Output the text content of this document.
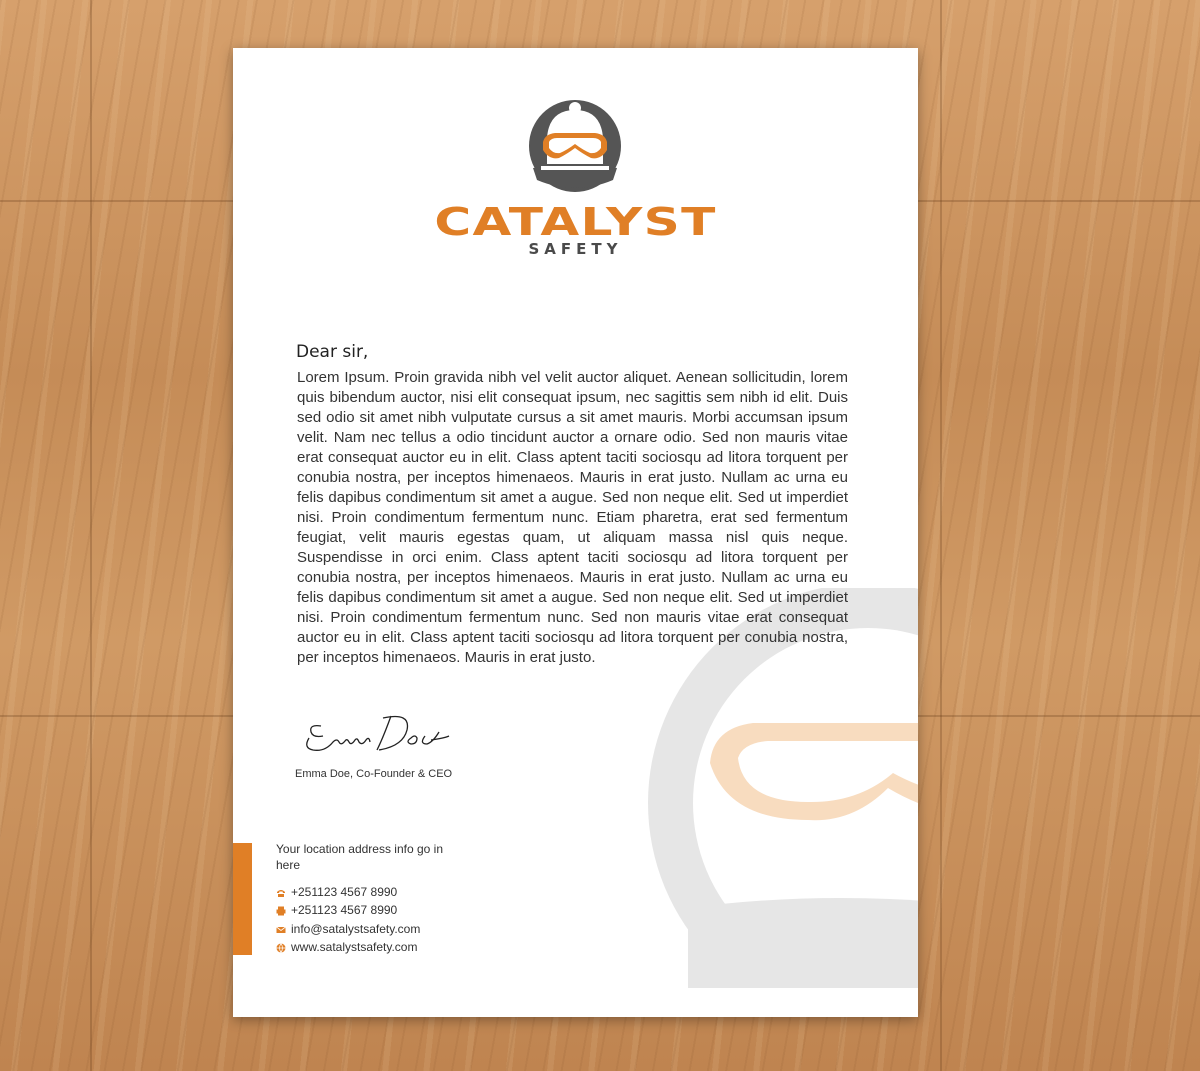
CATALYST
SAFETY
Dear sir,
Lorem Ipsum. Proin gravida nibh vel velit auctor aliquet. Aenean sollicitudin, lorem quis bibendum auctor, nisi elit consequat ipsum, nec sagittis sem nibh id elit. Duis sed odio sit amet nibh vulputate cursus a sit amet mauris. Morbi accumsan ipsum velit. Nam nec tellus a odio tincidunt auctor a ornare odio. Sed non mauris vitae erat consequat auctor eu in elit. Class aptent taciti sociosqu ad litora torquent per conubia nostra, per inceptos himenaeos. Mauris in erat justo. Nullam ac urna eu felis dapibus condimentum sit amet a augue. Sed non neque elit. Sed ut imperdiet nisi. Proin condimentum fermentum nunc. Etiam pharetra, erat sed fermentum feugiat, velit mauris egestas quam, ut aliquam massa nisl quis neque. Suspendisse in orci enim. Class aptent taciti sociosqu ad litora torquent per conubia nostra, per inceptos himenaeos. Mauris in erat justo. Nullam ac urna eu felis dapibus condimentum sit amet a augue. Sed non neque elit. Sed ut imperdiet nisi. Proin condimentum fermentum nunc. Sed non mauris vitae erat consequat auctor eu in elit. Class aptent taciti sociosqu ad litora torquent per conubia nostra, per inceptos himenaeos. Mauris in erat justo.
Emma Doe, Co-Founder & CEO
Your location address info go in here
+251123 4567 8990
+251123 4567 8990
info@satalystsafety.com
www.satalystsafety.com
